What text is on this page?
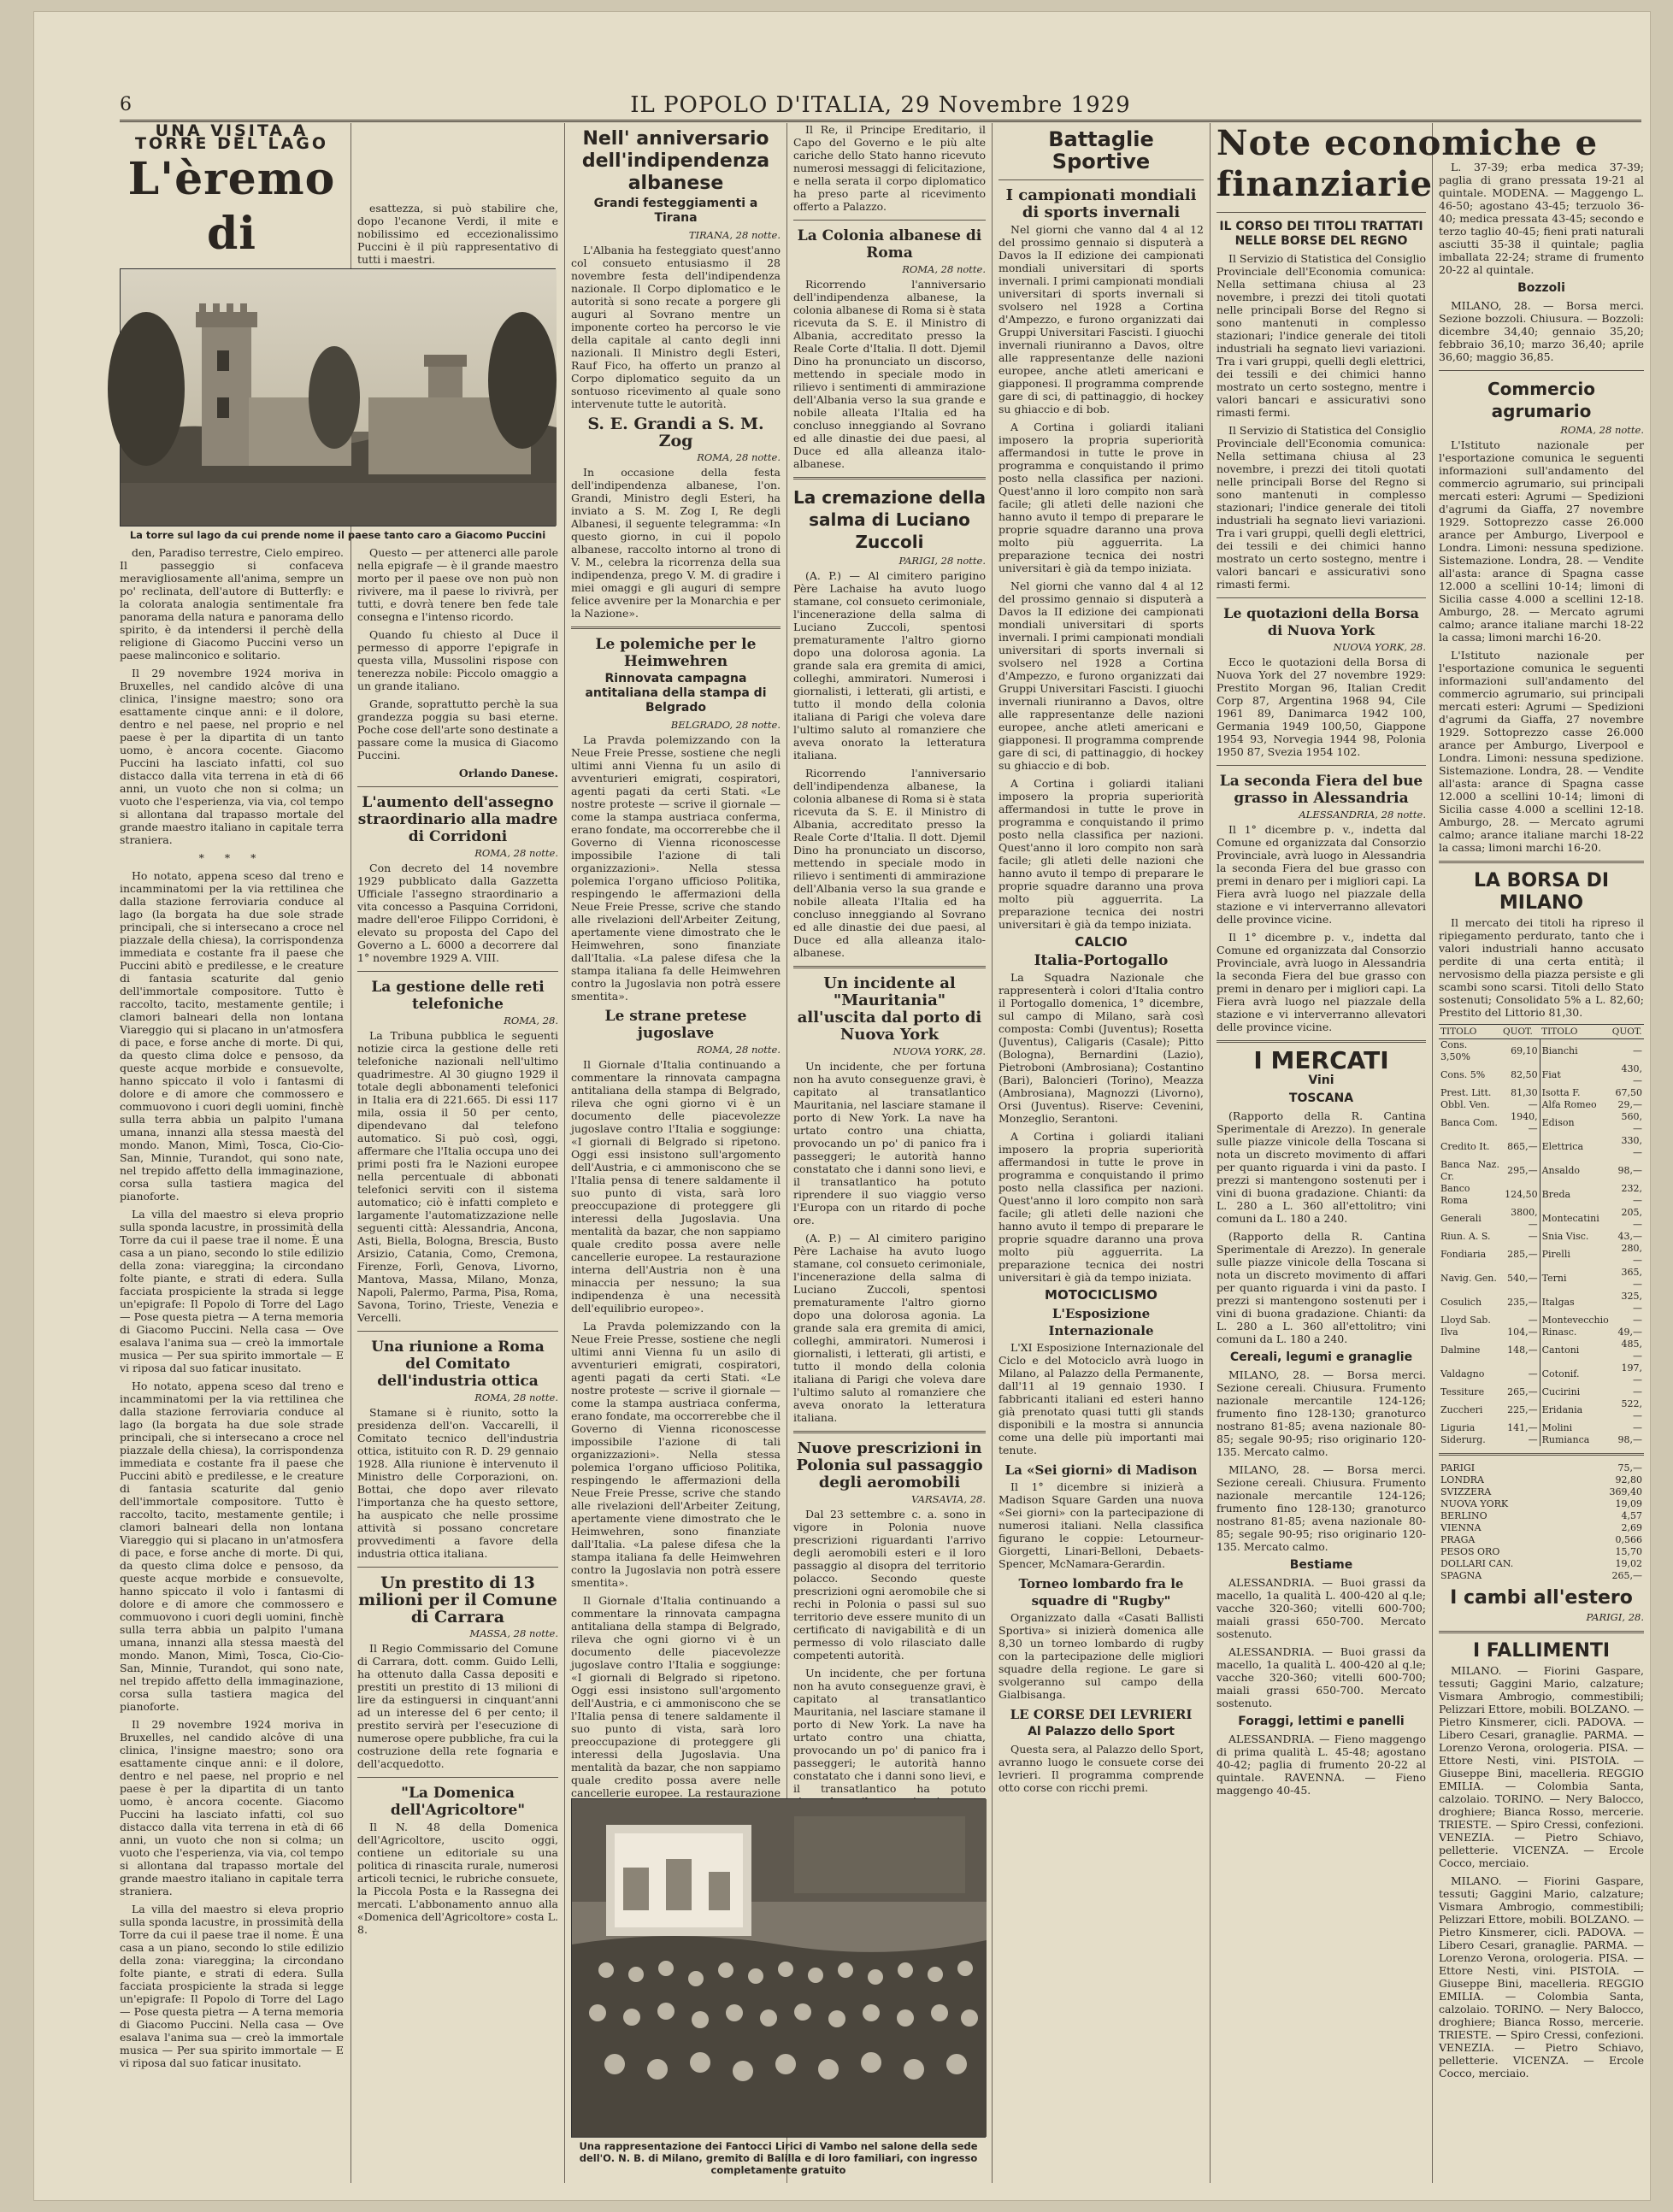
6	IL POPOLO D'ITALIA, 29 Novembre 1929
UNA VISITA A TORRE DEL LAGO
L'èremo di
La torre sul lago da cui prende nome il paese tanto caro a Giacomo Puccini
den, Paradiso terrestre, Cielo empireo. Il passeggio si confaceva meravigliosamente all'anima, sempre un po' reclinata, dell'autore di Butterfly: e la colorata analogia sentimentale fra panorama della natura e panorama dello spirito, è da intendersi il perchè della religione di Giacomo Puccini verso un paese malinconico e solitario.
Il 29 novembre 1924 moriva in Bruxelles, nel candido alcôve di una clinica, l'insigne maestro; sono ora esattamente cinque anni: e il dolore, dentro e nel paese, nel proprio e nel paese è per la dipartita di un tanto uomo, è ancora cocente. Giacomo Puccini ha lasciato infatti, col suo distacco dalla vita terrena in età di 66 anni, un vuoto che non si colma; un vuoto che l'esperienza, via via, col tempo si allontana dal trapasso mortale del grande maestro italiano in capitale terra straniera.
* * *
Ho notato, appena sceso dal treno e incamminatomi per la via rettilinea che dalla stazione ferroviaria conduce al lago (la borgata ha due sole strade principali, che si intersecano a croce nel piazzale della chiesa), la corrispondenza immediata e costante fra il paese che Puccini abitò e predilesse, e le creature di fantasia scaturite dal genio dell'immortale compositore. Tutto è raccolto, tacito, mestamente gentile; i clamori balneari della non lontana Viareggio qui si placano in un'atmosfera di pace, e forse anche di morte. Di qui, da questo clima dolce e pensoso, da queste acque morbide e consuevolte, hanno spiccato il volo i fantasmi di dolore e di amore che commossero e commuovono i cuori degli uomini, finchè sulla terra abbia un palpito l'umana umana, innanzi alla stessa maestà del mondo. Manon, Mimì, Tosca, Cio-Cio-San, Minnie, Turandot, qui sono nate, nel trepido affetto della immaginazione, corsa sulla tastiera magica del pianoforte.
La villa del maestro si eleva proprio sulla sponda lacustre, in prossimità della Torre da cui il paese trae il nome. È una casa a un piano, secondo lo stile edilizio della zona: viareggina; la circondano folte piante, e strati di edera. Sulla facciata prospiciente la strada si legge un'epigrafe: Il Popolo di Torre del Lago — Pose questa pietra — A terna memoria di Giacomo Puccini. Nella casa — Ove esalava l'anima sua — creò la immortale musica — Per sua spirito immortale — E vi riposa dal suo faticar inusitato.
Ho notato, appena sceso dal treno e incamminatomi per la via rettilinea che dalla stazione ferroviaria conduce al lago (la borgata ha due sole strade principali, che si intersecano a croce nel piazzale della chiesa), la corrispondenza immediata e costante fra il paese che Puccini abitò e predilesse, e le creature di fantasia scaturite dal genio dell'immortale compositore. Tutto è raccolto, tacito, mestamente gentile; i clamori balneari della non lontana Viareggio qui si placano in un'atmosfera di pace, e forse anche di morte. Di qui, da questo clima dolce e pensoso, da queste acque morbide e consuevolte, hanno spiccato il volo i fantasmi di dolore e di amore che commossero e commuovono i cuori degli uomini, finchè sulla terra abbia un palpito l'umana umana, innanzi alla stessa maestà del mondo. Manon, Mimì, Tosca, Cio-Cio-San, Minnie, Turandot, qui sono nate, nel trepido affetto della immaginazione, corsa sulla tastiera magica del pianoforte.
Il 29 novembre 1924 moriva in Bruxelles, nel candido alcôve di una clinica, l'insigne maestro; sono ora esattamente cinque anni: e il dolore, dentro e nel paese, nel proprio e nel paese è per la dipartita di un tanto uomo, è ancora cocente. Giacomo Puccini ha lasciato infatti, col suo distacco dalla vita terrena in età di 66 anni, un vuoto che non si colma; un vuoto che l'esperienza, via via, col tempo si allontana dal trapasso mortale del grande maestro italiano in capitale terra straniera.
La villa del maestro si eleva proprio sulla sponda lacustre, in prossimità della Torre da cui il paese trae il nome. È una casa a un piano, secondo lo stile edilizio della zona: viareggina; la circondano folte piante, e strati di edera. Sulla facciata prospiciente la strada si legge un'epigrafe: Il Popolo di Torre del Lago — Pose questa pietra — A terna memoria di Giacomo Puccini. Nella casa — Ove esalava l'anima sua — creò la immortale musica — Per sua spirito immortale — E vi riposa dal suo faticar inusitato.
esattezza, si può stabilire che, dopo l'ecanone Verdi, il mite e nobilissimo ed eccezionalissimo Puccini è il più rappresentativo di tutti i maestri.
Questo — per attenerci alle parole nella epigrafe — è il grande maestro morto per il paese ove non può non rivivere, ma il paese lo rivivrà, per tutti, e dovrà tenere ben fede tale consegna e l'intenso ricordo.
Quando fu chiesto al Duce il permesso di apporre l'epigrafe in questa villa, Mussolini rispose con tenerezza nobile: Piccolo omaggio a un grande italiano.
Grande, soprattutto perchè la sua grandezza poggia su basi eterne. Poche cose dell'arte sono destinate a passare come la musica di Giacomo Puccini.
Orlando Danese.
L'aumento dell'assegno straordinario alla madre di Corridoni
ROMA, 28 notte.
Con decreto del 14 novembre 1929 pubblicato dalla Gazzetta Ufficiale l'assegno straordinario a vita concesso a Pasquina Corridoni, madre dell'eroe Filippo Corridoni, è elevato su proposta del Capo del Governo a L. 6000 a decorrere dal 1° novembre 1929 A. VIII.
La gestione delle reti telefoniche
ROMA, 28.
La Tribuna pubblica le seguenti notizie circa la gestione delle reti telefoniche nazionali nell'ultimo quadrimestre. Al 30 giugno 1929 il totale degli abbonamenti telefonici in Italia era di 221.665. Di essi 117 mila, ossia il 50 per cento, dipendevano dal telefono automatico. Si può così, oggi, affermare che l'Italia occupa uno dei primi posti fra le Nazioni europee nella percentuale di abbonati telefonici serviti con il sistema automatico; ciò è infatti completo e largamente l'automatizzazione nelle seguenti città: Alessandria, Ancona, Asti, Biella, Bologna, Brescia, Busto Arsizio, Catania, Como, Cremona, Firenze, Forlì, Genova, Livorno, Mantova, Massa, Milano, Monza, Napoli, Palermo, Parma, Pisa, Roma, Savona, Torino, Trieste, Venezia e Vercelli.
Una riunione a Roma del Comitato dell'industria ottica
ROMA, 28 notte.
Stamane si è riunito, sotto la presidenza dell'on. Vaccarelli, il Comitato tecnico dell'industria ottica, istituito con R. D. 29 gennaio 1928. Alla riunione è intervenuto il Ministro delle Corporazioni, on. Bottai, che dopo aver rilevato l'importanza che ha questo settore, ha auspicato che nelle prossime attività si possano concretare provvedimenti a favore della industria ottica italiana.
Un prestito di 13 milioni per il Comune di Carrara
MASSA, 28 notte.
Il Regio Commissario del Comune di Carrara, dott. comm. Guido Lelli, ha ottenuto dalla Cassa depositi e prestiti un prestito di 13 milioni di lire da estinguersi in cinquant'anni ad un interesse del 6 per cento; il prestito servirà per l'esecuzione di numerose opere pubbliche, fra cui la costruzione della rete fognaria e dell'acquedotto.
"La Domenica dell'Agricoltore"
Il N. 48 della Domenica dell'Agricoltore, uscito oggi, contiene un editoriale su una politica di rinascita rurale, numerosi articoli tecnici, le rubriche consuete, la Piccola Posta e la Rassegna dei mercati. L'abbonamento annuo alla «Domenica dell'Agricoltore» costa L. 8.
Nell' anniversario dell'indipendenza albanese
Grandi festeggiamenti a Tirana
TIRANA, 28 notte.
L'Albania ha festeggiato quest'anno col consueto entusiasmo il 28 novembre festa dell'indipendenza nazionale. Il Corpo diplomatico e le autorità si sono recate a porgere gli auguri al Sovrano mentre un imponente corteo ha percorso le vie della capitale al canto degli inni nazionali. Il Ministro degli Esteri, Rauf Fico, ha offerto un pranzo al Corpo diplomatico seguito da un sontuoso ricevimento al quale sono intervenute tutte le autorità.
S. E. Grandi a S. M. Zog
ROMA, 28 notte.
In occasione della festa dell'indipendenza albanese, l'on. Grandi, Ministro degli Esteri, ha inviato a S. M. Zog I, Re degli Albanesi, il seguente telegramma: «In questo giorno, in cui il popolo albanese, raccolto intorno al trono di V. M., celebra la ricorrenza della sua indipendenza, prego V. M. di gradire i miei omaggi e gli auguri di sempre felice avvenire per la Monarchia e per la Nazione».
Le polemiche per le Heimwehren
Rinnovata campagna antitaliana della stampa di Belgrado
BELGRADO, 28 notte.
La Pravda polemizzando con la Neue Freie Presse, sostiene che negli ultimi anni Vienna fu un asilo di avventurieri emigrati, cospiratori, agenti pagati da certi Stati. «Le nostre proteste — scrive il giornale — come la stampa austriaca conferma, erano fondate, ma occorrerebbe che il Governo di Vienna riconoscesse impossibile l'azione di tali organizzazioni». Nella stessa polemica l'organo ufficioso Politika, respingendo le affermazioni della Neue Freie Presse, scrive che stando alle rivelazioni dell'Arbeiter Zeitung, apertamente viene dimostrato che le Heimwehren, sono finanziate dall'Italia. «La palese difesa che la stampa italiana fa delle Heimwehren contro la Jugoslavia non potrà essere smentita».
Le strane pretese jugoslave
ROMA, 28 notte.
Il Giornale d'Italia continuando a commentare la rinnovata campagna antitaliana della stampa di Belgrado, rileva che ogni giorno vi è un documento delle piacevolezze jugoslave contro l'Italia e soggiunge: «I giornali di Belgrado si ripetono. Oggi essi insistono sull'argomento dell'Austria, e ci ammoniscono che se l'Italia pensa di tenere saldamente il suo punto di vista, sarà loro preoccupazione di proteggere gli interessi della Jugoslavia. Una mentalità da bazar, che non sappiamo quale credito possa avere nelle cancellerie europee. La restaurazione interna dell'Austria non è una minaccia per nessuno; la sua indipendenza è una necessità dell'equilibrio europeo».
La Pravda polemizzando con la Neue Freie Presse, sostiene che negli ultimi anni Vienna fu un asilo di avventurieri emigrati, cospiratori, agenti pagati da certi Stati. «Le nostre proteste — scrive il giornale — come la stampa austriaca conferma, erano fondate, ma occorrerebbe che il Governo di Vienna riconoscesse impossibile l'azione di tali organizzazioni». Nella stessa polemica l'organo ufficioso Politika, respingendo le affermazioni della Neue Freie Presse, scrive che stando alle rivelazioni dell'Arbeiter Zeitung, apertamente viene dimostrato che le Heimwehren, sono finanziate dall'Italia. «La palese difesa che la stampa italiana fa delle Heimwehren contro la Jugoslavia non potrà essere smentita».
Il Giornale d'Italia continuando a commentare la rinnovata campagna antitaliana della stampa di Belgrado, rileva che ogni giorno vi è un documento delle piacevolezze jugoslave contro l'Italia e soggiunge: «I giornali di Belgrado si ripetono. Oggi essi insistono sull'argomento dell'Austria, e ci ammoniscono che se l'Italia pensa di tenere saldamente il suo punto di vista, sarà loro preoccupazione di proteggere gli interessi della Jugoslavia. Una mentalità da bazar, che non sappiamo quale credito possa avere nelle cancellerie europee. La restaurazione
Il Re, il Principe Ereditario, il Capo del Governo e le più alte cariche dello Stato hanno ricevuto numerosi messaggi di felicitazione, e nella serata il corpo diplomatico ha preso parte al ricevimento offerto a Palazzo.
La Colonia albanese di Roma
ROMA, 28 notte.
Ricorrendo l'anniversario dell'indipendenza albanese, la colonia albanese di Roma si è stata ricevuta da S. E. il Ministro di Albania, accreditato presso la Reale Corte d'Italia. Il dott. Djemil Dino ha pronunciato un discorso, mettendo in speciale modo in rilievo i sentimenti di ammirazione dell'Albania verso la sua grande e nobile alleata l'Italia ed ha concluso inneggiando al Sovrano ed alle dinastie dei due paesi, al Duce ed alla alleanza italo-albanese.
La cremazione della salma di Luciano Zuccoli
PARIGI, 28 notte.
(A. P.) — Al cimitero parigino Père Lachaise ha avuto luogo stamane, col consueto cerimoniale, l'incenerazione della salma di Luciano Zuccoli, spentosi prematuramente l'altro giorno dopo una dolorosa agonia. La grande sala era gremita di amici, colleghi, ammiratori. Numerosi i giornalisti, i letterati, gli artisti, e tutto il mondo della colonia italiana di Parigi che voleva dare l'ultimo saluto al romanziere che aveva onorato la letteratura italiana.
Ricorrendo l'anniversario dell'indipendenza albanese, la colonia albanese di Roma si è stata ricevuta da S. E. il Ministro di Albania, accreditato presso la Reale Corte d'Italia. Il dott. Djemil Dino ha pronunciato un discorso, mettendo in speciale modo in rilievo i sentimenti di ammirazione dell'Albania verso la sua grande e nobile alleata l'Italia ed ha concluso inneggiando al Sovrano ed alle dinastie dei due paesi, al Duce ed alla alleanza italo-albanese.
Un incidente al "Mauritania" all'uscita dal porto di Nuova York
NUOVA YORK, 28.
Un incidente, che per fortuna non ha avuto conseguenze gravi, è capitato al transatlantico Mauritania, nel lasciare stamane il porto di New York. La nave ha urtato contro una chiatta, provocando un po' di panico fra i passeggeri; le autorità hanno constatato che i danni sono lievi, e il transatlantico ha potuto riprendere il suo viaggio verso l'Europa con un ritardo di poche ore.
(A. P.) — Al cimitero parigino Père Lachaise ha avuto luogo stamane, col consueto cerimoniale, l'incenerazione della salma di Luciano Zuccoli, spentosi prematuramente l'altro giorno dopo una dolorosa agonia. La grande sala era gremita di amici, colleghi, ammiratori. Numerosi i giornalisti, i letterati, gli artisti, e tutto il mondo della colonia italiana di Parigi che voleva dare l'ultimo saluto al romanziere che aveva onorato la letteratura italiana.
Nuove prescrizioni in Polonia sul passaggio degli aeromobili
VARSAVIA, 28.
Dal 23 settembre c. a. sono in vigore in Polonia nuove prescrizioni riguardanti l'arrivo degli aeromobili esteri e il loro passaggio al disopra del territorio polacco. Secondo queste prescrizioni ogni aeromobile che si rechi in Polonia o passi sul suo territorio deve essere munito di un certificato di navigabilità e di un permesso di volo rilasciato dalle competenti autorità.
Un incidente, che per fortuna non ha avuto conseguenze gravi, è capitato al transatlantico Mauritania, nel lasciare stamane il porto di New York. La nave ha urtato contro una chiatta, provocando un po' di panico fra i passeggeri; le autorità hanno constatato che i danni sono lievi, e il transatlantico ha potuto
Una rappresentazione dei Fantocci Lirici di Vambo nel salone della sede dell'O. N. B. di Milano, gremito di Balilla e di loro familiari, con ingresso completamente gratuito
Battaglie Sportive
I campionati mondiali di sports invernali
Nel giorni che vanno dal 4 al 12 del prossimo gennaio si disputerà a Davos la II edizione dei campionati mondiali universitari di sports invernali. I primi campionati mondiali universitari di sports invernali si svolsero nel 1928 a Cortina d'Ampezzo, e furono organizzati dai Gruppi Universitari Fascisti. I giuochi invernali riuniranno a Davos, oltre alle rappresentanze delle nazioni europee, anche atleti americani e giapponesi. Il programma comprende gare di sci, di pattinaggio, di hockey su ghiaccio e di bob.
A Cortina i goliardi italiani imposero la propria superiorità affermandosi in tutte le prove in programma e conquistando il primo posto nella classifica per nazioni. Quest'anno il loro compito non sarà facile; gli atleti delle nazioni che hanno avuto il tempo di preparare le proprie squadre daranno una prova molto più agguerrita. La preparazione tecnica dei nostri universitari è già da tempo iniziata.
Nel giorni che vanno dal 4 al 12 del prossimo gennaio si disputerà a Davos la II edizione dei campionati mondiali universitari di sports invernali. I primi campionati mondiali universitari di sports invernali si svolsero nel 1928 a Cortina d'Ampezzo, e furono organizzati dai Gruppi Universitari Fascisti. I giuochi invernali riuniranno a Davos, oltre alle rappresentanze delle nazioni europee, anche atleti americani e giapponesi. Il programma comprende gare di sci, di pattinaggio, di hockey su ghiaccio e di bob.
A Cortina i goliardi italiani imposero la propria superiorità affermandosi in tutte le prove in programma e conquistando il primo posto nella classifica per nazioni. Quest'anno il loro compito non sarà facile; gli atleti delle nazioni che hanno avuto il tempo di preparare le proprie squadre daranno una prova molto più agguerrita. La preparazione tecnica dei nostri universitari è già da tempo iniziata.
CALCIO
Italia-Portogallo
La Squadra Nazionale che rappresenterà i colori d'Italia contro il Portogallo domenica, 1° dicembre, sul campo di Milano, sarà così composta: Combi (Juventus); Rosetta (Juventus), Caligaris (Casale); Pitto (Bologna), Bernardini (Lazio), Pietroboni (Ambrosiana); Costantino (Bari), Baloncieri (Torino), Meazza (Ambrosiana), Magnozzi (Livorno), Orsi (Juventus). Riserve: Cevenini, Monzeglio, Serantoni.
A Cortina i goliardi italiani imposero la propria superiorità affermandosi in tutte le prove in programma e conquistando il primo posto nella classifica per nazioni. Quest'anno il loro compito non sarà facile; gli atleti delle nazioni che hanno avuto il tempo di preparare le proprie squadre daranno una prova molto più agguerrita. La preparazione tecnica dei nostri universitari è già da tempo iniziata.
MOTOCICLISMO
L'Esposizione Internazionale
L'XI Esposizione Internazionale del Ciclo e del Motociclo avrà luogo in Milano, al Palazzo della Permanente, dall'11 al 19 gennaio 1930. I fabbricanti italiani ed esteri hanno già prenotato quasi tutti gli stands disponibili e la mostra si annuncia come una delle più importanti mai tenute.
La «Sei giorni» di Madison
Il 1° dicembre si inizierà a Madison Square Garden una nuova «Sei giorni» con la partecipazione di numerosi italiani. Nella classifica figurano le coppie: Letourneur-Giorgetti, Linari-Belloni, Debaets-Spencer, McNamara-Gerardin.
Torneo lombardo fra le squadre di "Rugby"
Organizzato dalla «Casati Ballisti Sportiva» si inizierà domenica alle 8,30 un torneo lombardo di rugby con la partecipazione delle migliori squadre della regione. Le gare si svolgeranno sul campo della Gialbisanga.
LE CORSE DEI LEVRIERI
Al Palazzo dello Sport
Questa sera, al Palazzo dello Sport, avranno luogo le consuete corse dei levrieri. Il programma comprende otto corse con ricchi premi.
Note economiche e finanziarie
IL CORSO DEI TITOLI TRATTATI NELLE BORSE DEL REGNO
Il Servizio di Statistica del Consiglio Provinciale dell'Economia comunica: Nella settimana chiusa al 23 novembre, i prezzi dei titoli quotati nelle principali Borse del Regno si sono mantenuti in complesso stazionari; l'indice generale dei titoli industriali ha segnato lievi variazioni. Tra i vari gruppi, quelli degli elettrici, dei tessili e dei chimici hanno mostrato un certo sostegno, mentre i valori bancari e assicurativi sono rimasti fermi.
Il Servizio di Statistica del Consiglio Provinciale dell'Economia comunica: Nella settimana chiusa al 23 novembre, i prezzi dei titoli quotati nelle principali Borse del Regno si sono mantenuti in complesso stazionari; l'indice generale dei titoli industriali ha segnato lievi variazioni. Tra i vari gruppi, quelli degli elettrici, dei tessili e dei chimici hanno mostrato un certo sostegno, mentre i valori bancari e assicurativi sono rimasti fermi.
Le quotazioni della Borsa di Nuova York
NUOVA YORK, 28.
Ecco le quotazioni della Borsa di Nuova York del 27 novembre 1929: Prestito Morgan 96, Italian Credit Corp 87, Argentina 1968 94, Cile 1961 89, Danimarca 1942 100, Germania 1949 100,50, Giappone 1954 93, Norvegia 1944 98, Polonia 1950 87, Svezia 1954 102.
La seconda Fiera del bue grasso in Alessandria
ALESSANDRIA, 28 notte.
Il 1° dicembre p. v., indetta dal Comune ed organizzata dal Consorzio Provinciale, avrà luogo in Alessandria la seconda Fiera del bue grasso con premi in denaro per i migliori capi. La Fiera avrà luogo nel piazzale della stazione e vi interverranno allevatori delle province vicine.
Il 1° dicembre p. v., indetta dal Comune ed organizzata dal Consorzio Provinciale, avrà luogo in Alessandria la seconda Fiera del bue grasso con premi in denaro per i migliori capi. La Fiera avrà luogo nel piazzale della stazione e vi interverranno allevatori delle province vicine.
I MERCATI
Vini
TOSCANA
(Rapporto della R. Cantina Sperimentale di Arezzo). In generale sulle piazze vinicole della Toscana si nota un discreto movimento di affari per quanto riguarda i vini da pasto. I prezzi si mantengono sostenuti per i vini di buona gradazione. Chianti: da L. 280 a L. 360 all'ettolitro; vini comuni da L. 180 a 240.
(Rapporto della R. Cantina Sperimentale di Arezzo). In generale sulle piazze vinicole della Toscana si nota un discreto movimento di affari per quanto riguarda i vini da pasto. I prezzi si mantengono sostenuti per i vini di buona gradazione. Chianti: da L. 280 a L. 360 all'ettolitro; vini comuni da L. 180 a 240.
Cereali, legumi e granaglie
MILANO, 28. — Borsa merci. Sezione cereali. Chiusura. Frumento nazionale mercantile 124-126; frumento fino 128-130; granoturco nostrano 81-85; avena nazionale 80-85; segale 90-95; riso originario 120-135. Mercato calmo.
MILANO, 28. — Borsa merci. Sezione cereali. Chiusura. Frumento nazionale mercantile 124-126; frumento fino 128-130; granoturco nostrano 81-85; avena nazionale 80-85; segale 90-95; riso originario 120-135. Mercato calmo.
Bestiame
ALESSANDRIA. — Buoi grassi da macello, 1a qualità L. 400-420 al q.le; vacche 320-360; vitelli 600-700; maiali grassi 650-700. Mercato sostenuto.
ALESSANDRIA. — Buoi grassi da macello, 1a qualità L. 400-420 al q.le; vacche 320-360; vitelli 600-700; maiali grassi 650-700. Mercato sostenuto.
Foraggi, lettimi e panelli
ALESSANDRIA. — Fieno maggengo di prima qualità L. 45-48; agostano 40-42; paglia di frumento 20-22 al quintale. RAVENNA. — Fieno maggengo 40-45.
L. 37-39; erba medica 37-39; paglia di grano pressata 19-21 al quintale. MODENA. — Maggengo L. 46-50; agostano 43-45; terzuolo 36-40; medica pressata 43-45; secondo e terzo taglio 40-45; fieni prati naturali asciutti 35-38 il quintale; paglia imballata 22-24; strame di frumento 20-22 al quintale.
Bozzoli
MILANO, 28. — Borsa merci. Sezione bozzoli. Chiusura. — Bozzoli: dicembre 34,40; gennaio 35,20; febbraio 36,10; marzo 36,40; aprile 36,60; maggio 36,85.
Commercio agrumario
ROMA, 28 notte.
L'Istituto nazionale per l'esportazione comunica le seguenti informazioni sull'andamento del commercio agrumario, sui principali mercati esteri: Agrumi — Spedizioni d'agrumi da Giaffa, 27 novembre 1929. Sottoprezzo casse 26.000 arance per Amburgo, Liverpool e Londra. Limoni: nessuna spedizione. Sistemazione. Londra, 28. — Vendite all'asta: arance di Spagna casse 12.000 a scellini 10-14; limoni di Sicilia casse 4.000 a scellini 12-18. Amburgo, 28. — Mercato agrumi calmo; arance italiane marchi 18-22 la cassa; limoni marchi 16-20.
L'Istituto nazionale per l'esportazione comunica le seguenti informazioni sull'andamento del commercio agrumario, sui principali mercati esteri: Agrumi — Spedizioni d'agrumi da Giaffa, 27 novembre 1929. Sottoprezzo casse 26.000 arance per Amburgo, Liverpool e Londra. Limoni: nessuna spedizione. Sistemazione. Londra, 28. — Vendite all'asta: arance di Spagna casse 12.000 a scellini 10-14; limoni di Sicilia casse 4.000 a scellini 12-18. Amburgo, 28. — Mercato agrumi calmo; arance italiane marchi 18-22 la cassa; limoni marchi 16-20.
LA BORSA DI MILANO
Il mercato dei titoli ha ripreso il ripiegamento perdurato, tanto che i valori industriali hanno accusato perdite di una certa entità; il nervosismo della piazza persiste e gli scambi sono scarsi. Titoli dello Stato sostenuti; Consolidato 5% a L. 82,60; Prestito del Littorio 81,30.
TITOLO	QUOT.	TITOLO	QUOT.
Cons. 3,50%	69,10	Bianchi	—
Cons. 5%	82,50	Fiat	430,—
Prest. Litt.	81,30	Isotta F.	67,50
Obbl. Ven.	—	Alfa Romeo	29,—
Banca Com.	1940,—	Edison	560,—
Credito It.	865,—	Elettrica	330,—
Banca Naz. Cr.	295,—	Ansaldo	98,—
Banco Roma	124,50	Breda	232,—
Generali	3800,—	Montecatini	205,—
Riun. A. S.	—	Snia Visc.	43,—
Fondiaria	285,—	Pirelli	280,—
Navig. Gen.	540,—	Terni	365,—
Cosulich	235,—	Italgas	325,—
Lloyd Sab.	—	Montevecchio	—
Ilva	104,—	Rinasc.	49,—
Dalmine	148,—	Cantoni	485,—
Valdagno	—	Cotonif.	197,—
Tessiture	265,—	Cucirini	—
Zuccheri	225,—	Eridania	522,—
Liguria	141,—	Molini	—
Siderurg.	—	Rumianca	98,—
PARIGI	75,—
LONDRA	92,80
SVIZZERA	369,40
NUOVA YORK	19,09
BERLINO	4,57
VIENNA	2,69
PRAGA	0,566
PESOS ORO	15,70
DOLLARI CAN.	19,02
SPAGNA	265,—
I cambi all'estero
PARIGI, 28.
I FALLIMENTI
MILANO. — Fiorini Gaspare, tessuti; Gaggini Mario, calzature; Vismara Ambrogio, commestibili; Pelizzari Ettore, mobili. BOLZANO. — Pietro Kinsmerer, cicli. PADOVA. — Libero Cesari, granaglie. PARMA. — Lorenzo Verona, orologeria. PISA. — Ettore Nesti, vini. PISTOIA. — Giuseppe Bini, macelleria. REGGIO EMILIA. — Colombia Santa, calzolaio. TORINO. — Nery Balocco, droghiere; Bianca Rosso, mercerie. TRIESTE. — Spiro Cressi, confezioni. VENEZIA. — Pietro Schiavo, pelletterie. VICENZA. — Ercole Cocco, merciaio.
MILANO. — Fiorini Gaspare, tessuti; Gaggini Mario, calzature; Vismara Ambrogio, commestibili; Pelizzari Ettore, mobili. BOLZANO. — Pietro Kinsmerer, cicli. PADOVA. — Libero Cesari, granaglie. PARMA. — Lorenzo Verona, orologeria. PISA. — Ettore Nesti, vini. PISTOIA. — Giuseppe Bini, macelleria. REGGIO EMILIA. — Colombia Santa, calzolaio. TORINO. — Nery Balocco, droghiere; Bianca Rosso, mercerie. TRIESTE. — Spiro Cressi, confezioni. VENEZIA. — Pietro Schiavo, pelletterie. VICENZA. — Ercole Cocco, merciaio.
